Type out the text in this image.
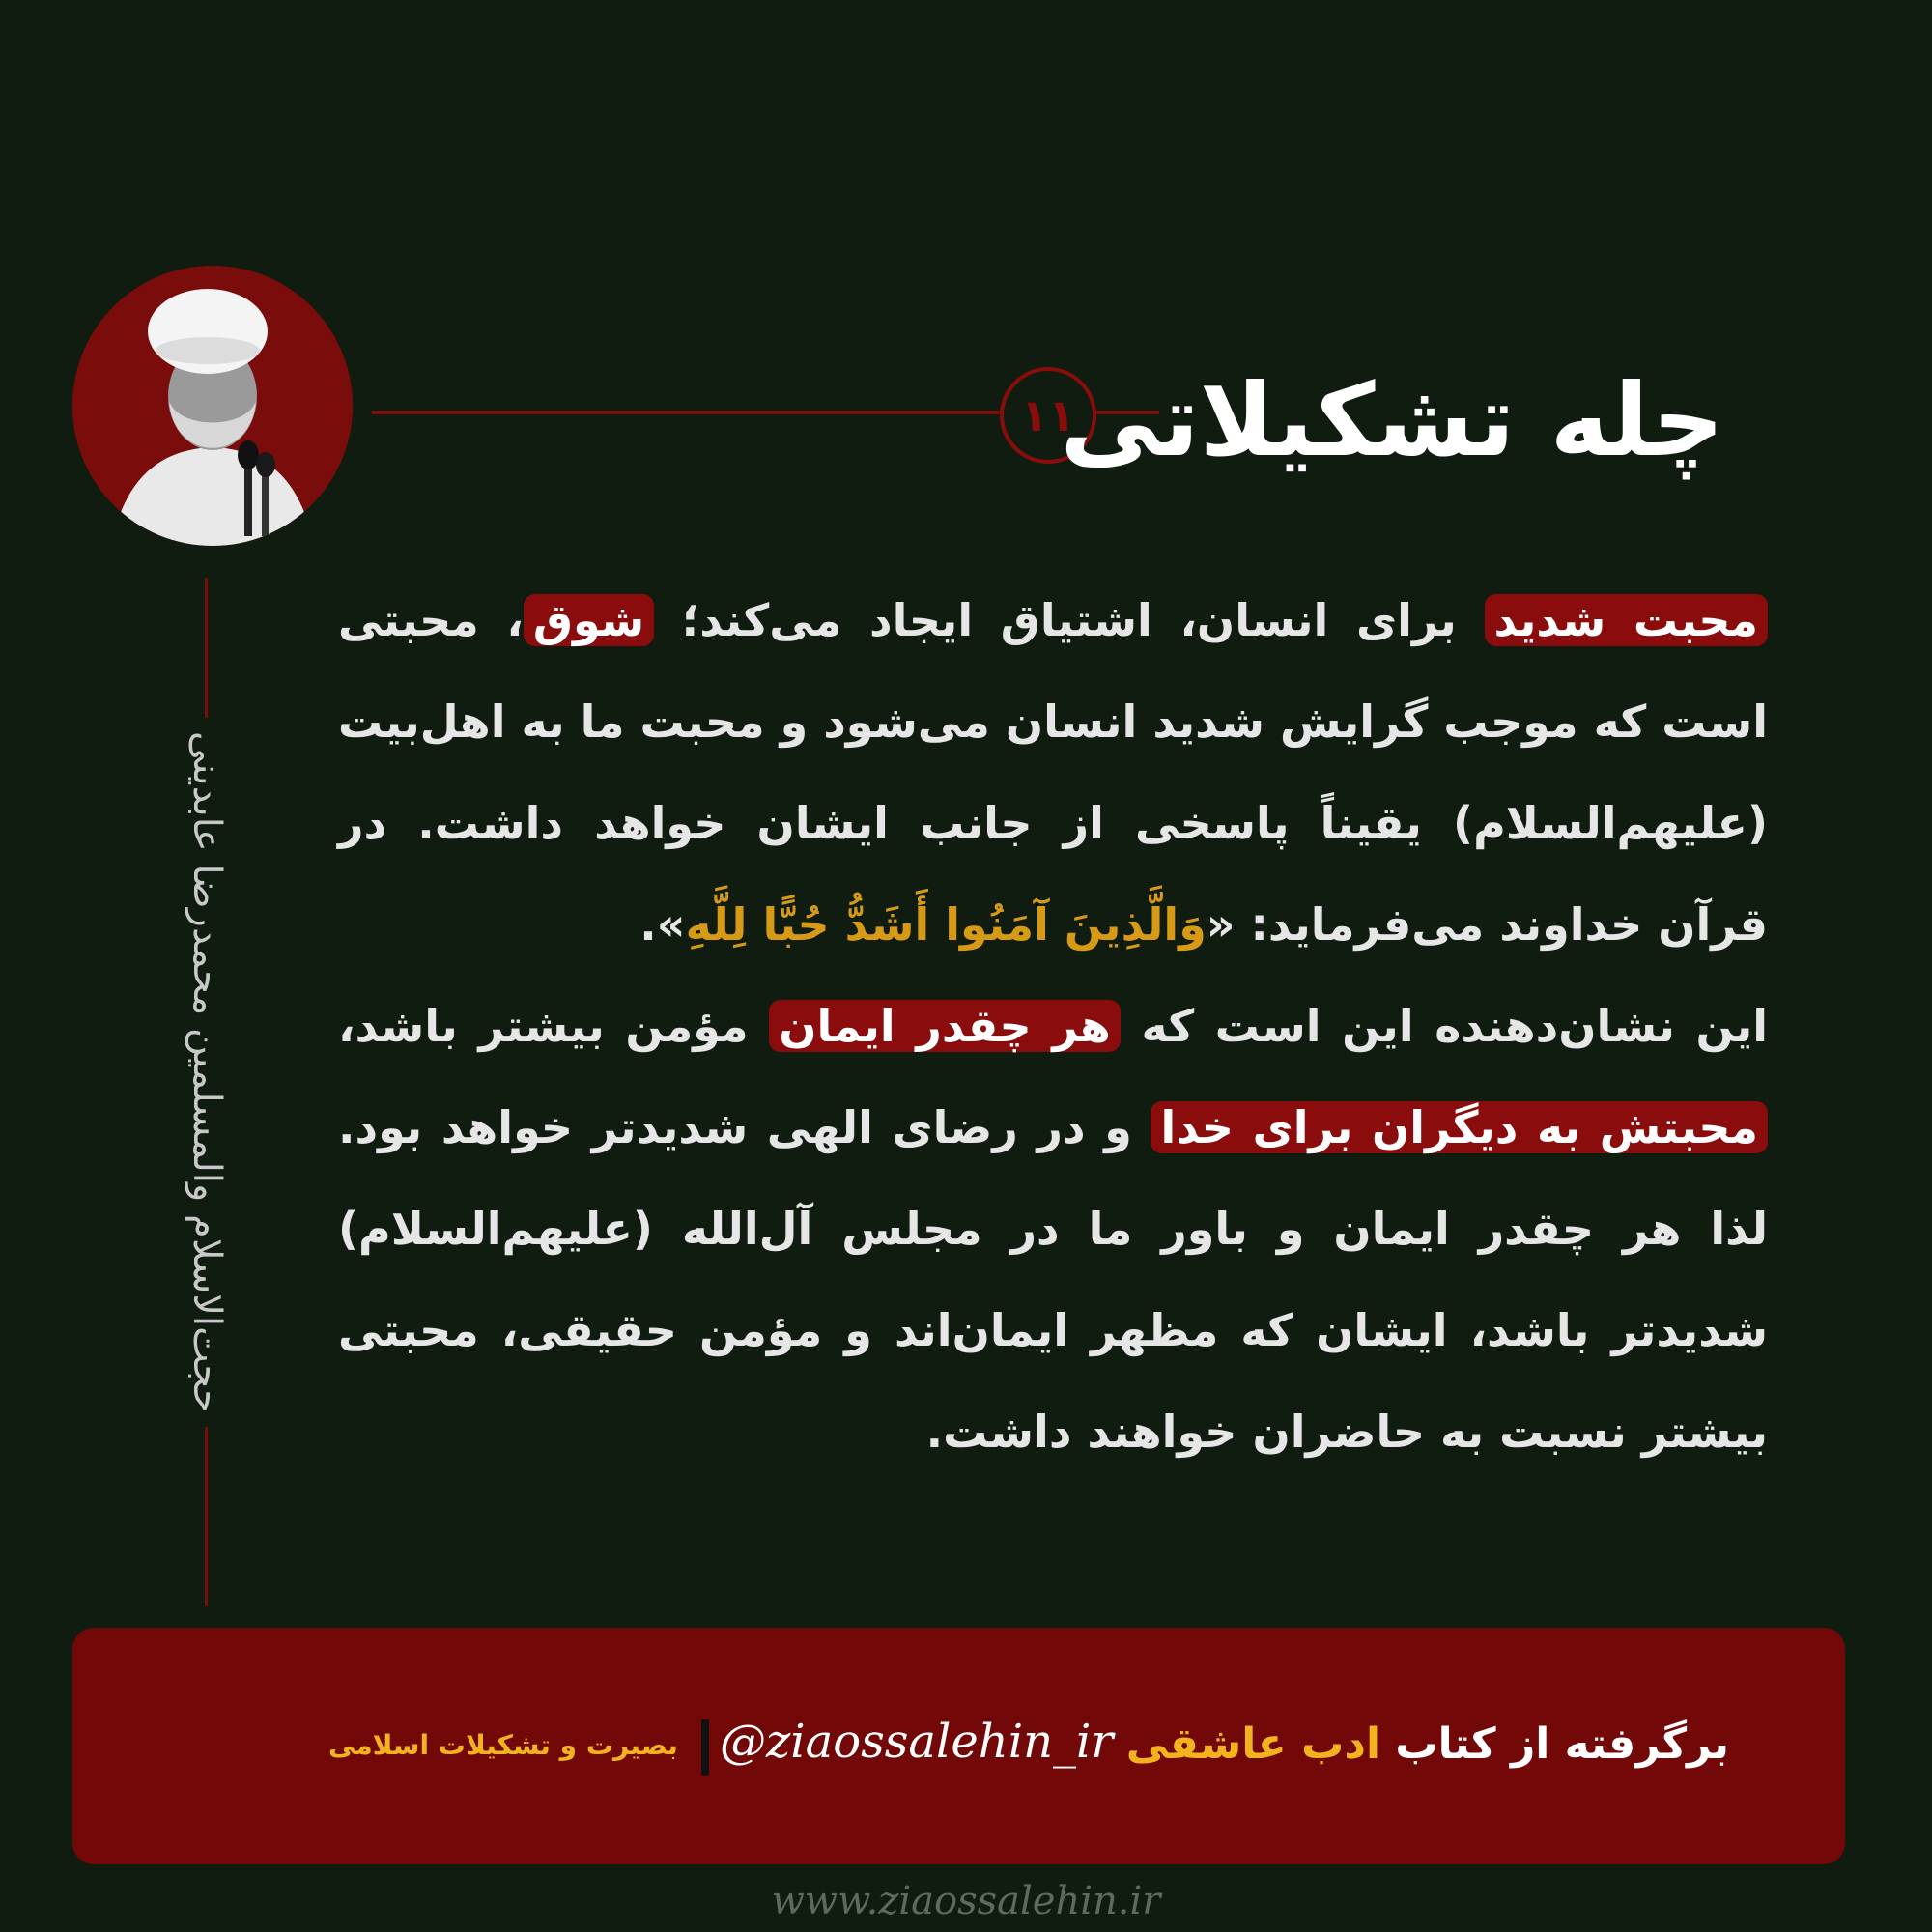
۱۱
چله تشکیلاتی
حجت‌الاسلام والمسلمین محمدرضا عابدینی
محبت شدید برای انسان، اشتیاق ایجاد می‌کند؛ شوق، محبتی است که موجب گرایش شدید انسان می‌شود و محبت ما به اهل‌بیت (علیهم‌السلام) یقیناً پاسخی از جانب ایشان خواهد داشت. در قرآن خداوند می‌فرماید: «وَالَّذِینَ آمَنُوا أَشَدُّ حُبًّا لِلَّهِ».
این نشان‌دهنده این است که هر چقدر ایمان مؤمن بیشتر باشد، محبتش به دیگران برای خدا و در رضای الهی شدیدتر خواهد بود. لذا هر چقدر ایمان و باور ما در مجلس آل‌الله (علیهم‌السلام) شدیدتر باشد، ایشان که مظهر ایمان‌اند و مؤمن حقیقی، محبتی بیشتر نسبت به حاضران خواهند داشت.
برگرفته از کتاب ادب عاشقی
@ziaossalehin_ir
بصیرت و تشکیلات اسلامی
www.ziaossalehin.ir
